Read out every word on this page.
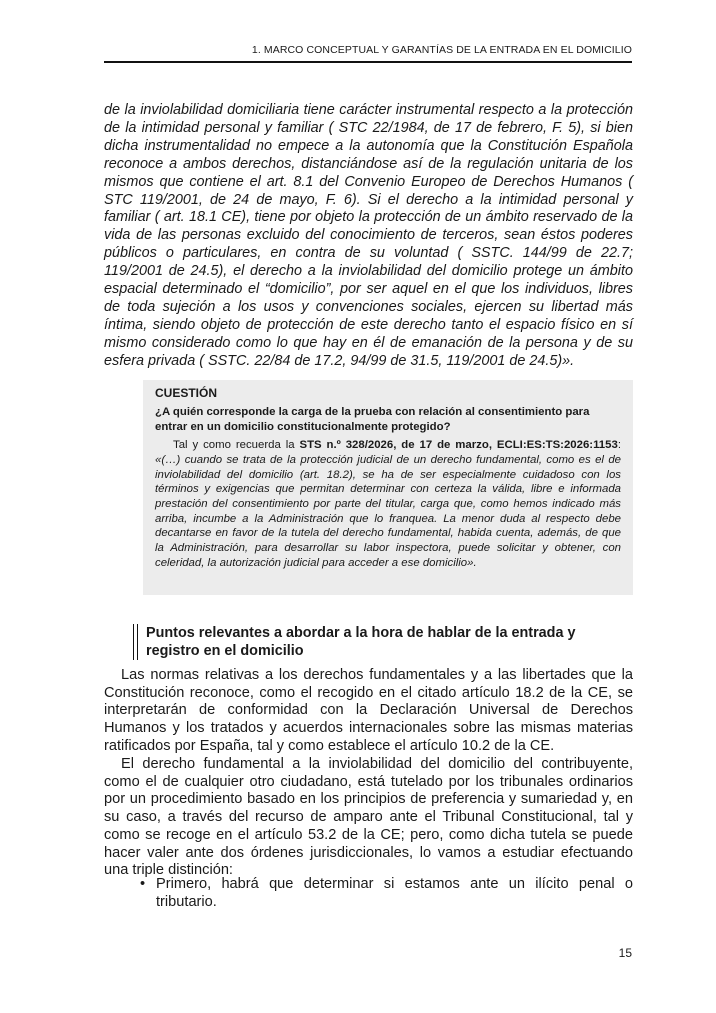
1. MARCO CONCEPTUAL Y GARANTÍAS DE LA ENTRADA EN EL DOMICILIO

de la inviolabilidad domiciliaria tiene carácter instrumental respecto a la protección de la intimidad personal y familiar ( STC 22/1984, de 17 de febrero, F. 5), si bien dicha instrumentalidad no empece a la autonomía que la Constitución Española reconoce a ambos derechos, distanciándose así de la regulación unitaria de los mismos que contiene el art. 8.1 del Convenio Europeo de Derechos Humanos ( STC 119/2001, de 24 de mayo, F. 6). Si el derecho a la intimidad personal y familiar ( art. 18.1 CE), tiene por objeto la protección de un ámbito reservado de la vida de las personas excluido del conocimiento de terceros, sean éstos poderes públicos o particulares, en contra de su voluntad ( SSTC. 144/99 de 22.7; 119/2001 de 24.5), el derecho a la inviolabilidad del domicilio protege un ámbito espacial determinado el “domicilio”, por ser aquel en el que los individuos, libres de toda sujeción a los usos y convenciones sociales, ejercen su libertad más íntima, siendo objeto de protección de este derecho tanto el espacio físico en sí mismo considerado como lo que hay en él de emanación de la persona y de su esfera privada ( SSTC. 22/84 de 17.2, 94/99 de 31.5, 119/2001 de 24.5)».

CUESTIÓN

¿A quién corresponde la carga de la prueba con relación al consentimiento para entrar en un domicilio constitucionalmente protegido?

Tal y como recuerda la STS n.º 328/2026, de 17 de marzo, ECLI:ES:TS:2026:1153: «(…) cuando se trata de la protección judicial de un derecho fundamental, como es el de inviolabilidad del domicilio (art. 18.2), se ha de ser especialmente cuidadoso con los términos y exigencias que permitan determinar con certeza la válida, libre e informada prestación del consentimiento por parte del titular, carga que, como hemos indicado más arriba, incumbe a la Administración que lo franquea. La menor duda al respecto debe decantarse en favor de la tutela del derecho fundamental, habida cuenta, además, de que la Administración, para desarrollar su labor inspectora, puede solicitar y obtener, con celeridad, la autorización judicial para acceder a ese domicilio».

Puntos relevantes a abordar a la hora de hablar de la entrada y registro en el domicilio

Las normas relativas a los derechos fundamentales y a las libertades que la Constitución reconoce, como el recogido en el citado artículo 18.2 de la CE, se interpretarán de conformidad con la Declaración Universal de Derechos Humanos y los tratados y acuerdos internacionales sobre las mismas materias ratificados por España, tal y como establece el artículo 10.2 de la CE.

El derecho fundamental a la inviolabilidad del domicilio del contribuyente, como el de cualquier otro ciudadano, está tutelado por los tribunales ordinarios por un procedimiento basado en los principios de preferencia y sumariedad y, en su caso, a través del recurso de amparo ante el Tribunal Constitucional, tal y como se recoge en el artículo 53.2 de la CE; pero, como dicha tutela se puede hacer valer ante dos órdenes jurisdiccionales, lo vamos a estudiar efectuando una triple distinción:

• Primero, habrá que determinar si estamos ante un ilícito penal o tributario.

15
